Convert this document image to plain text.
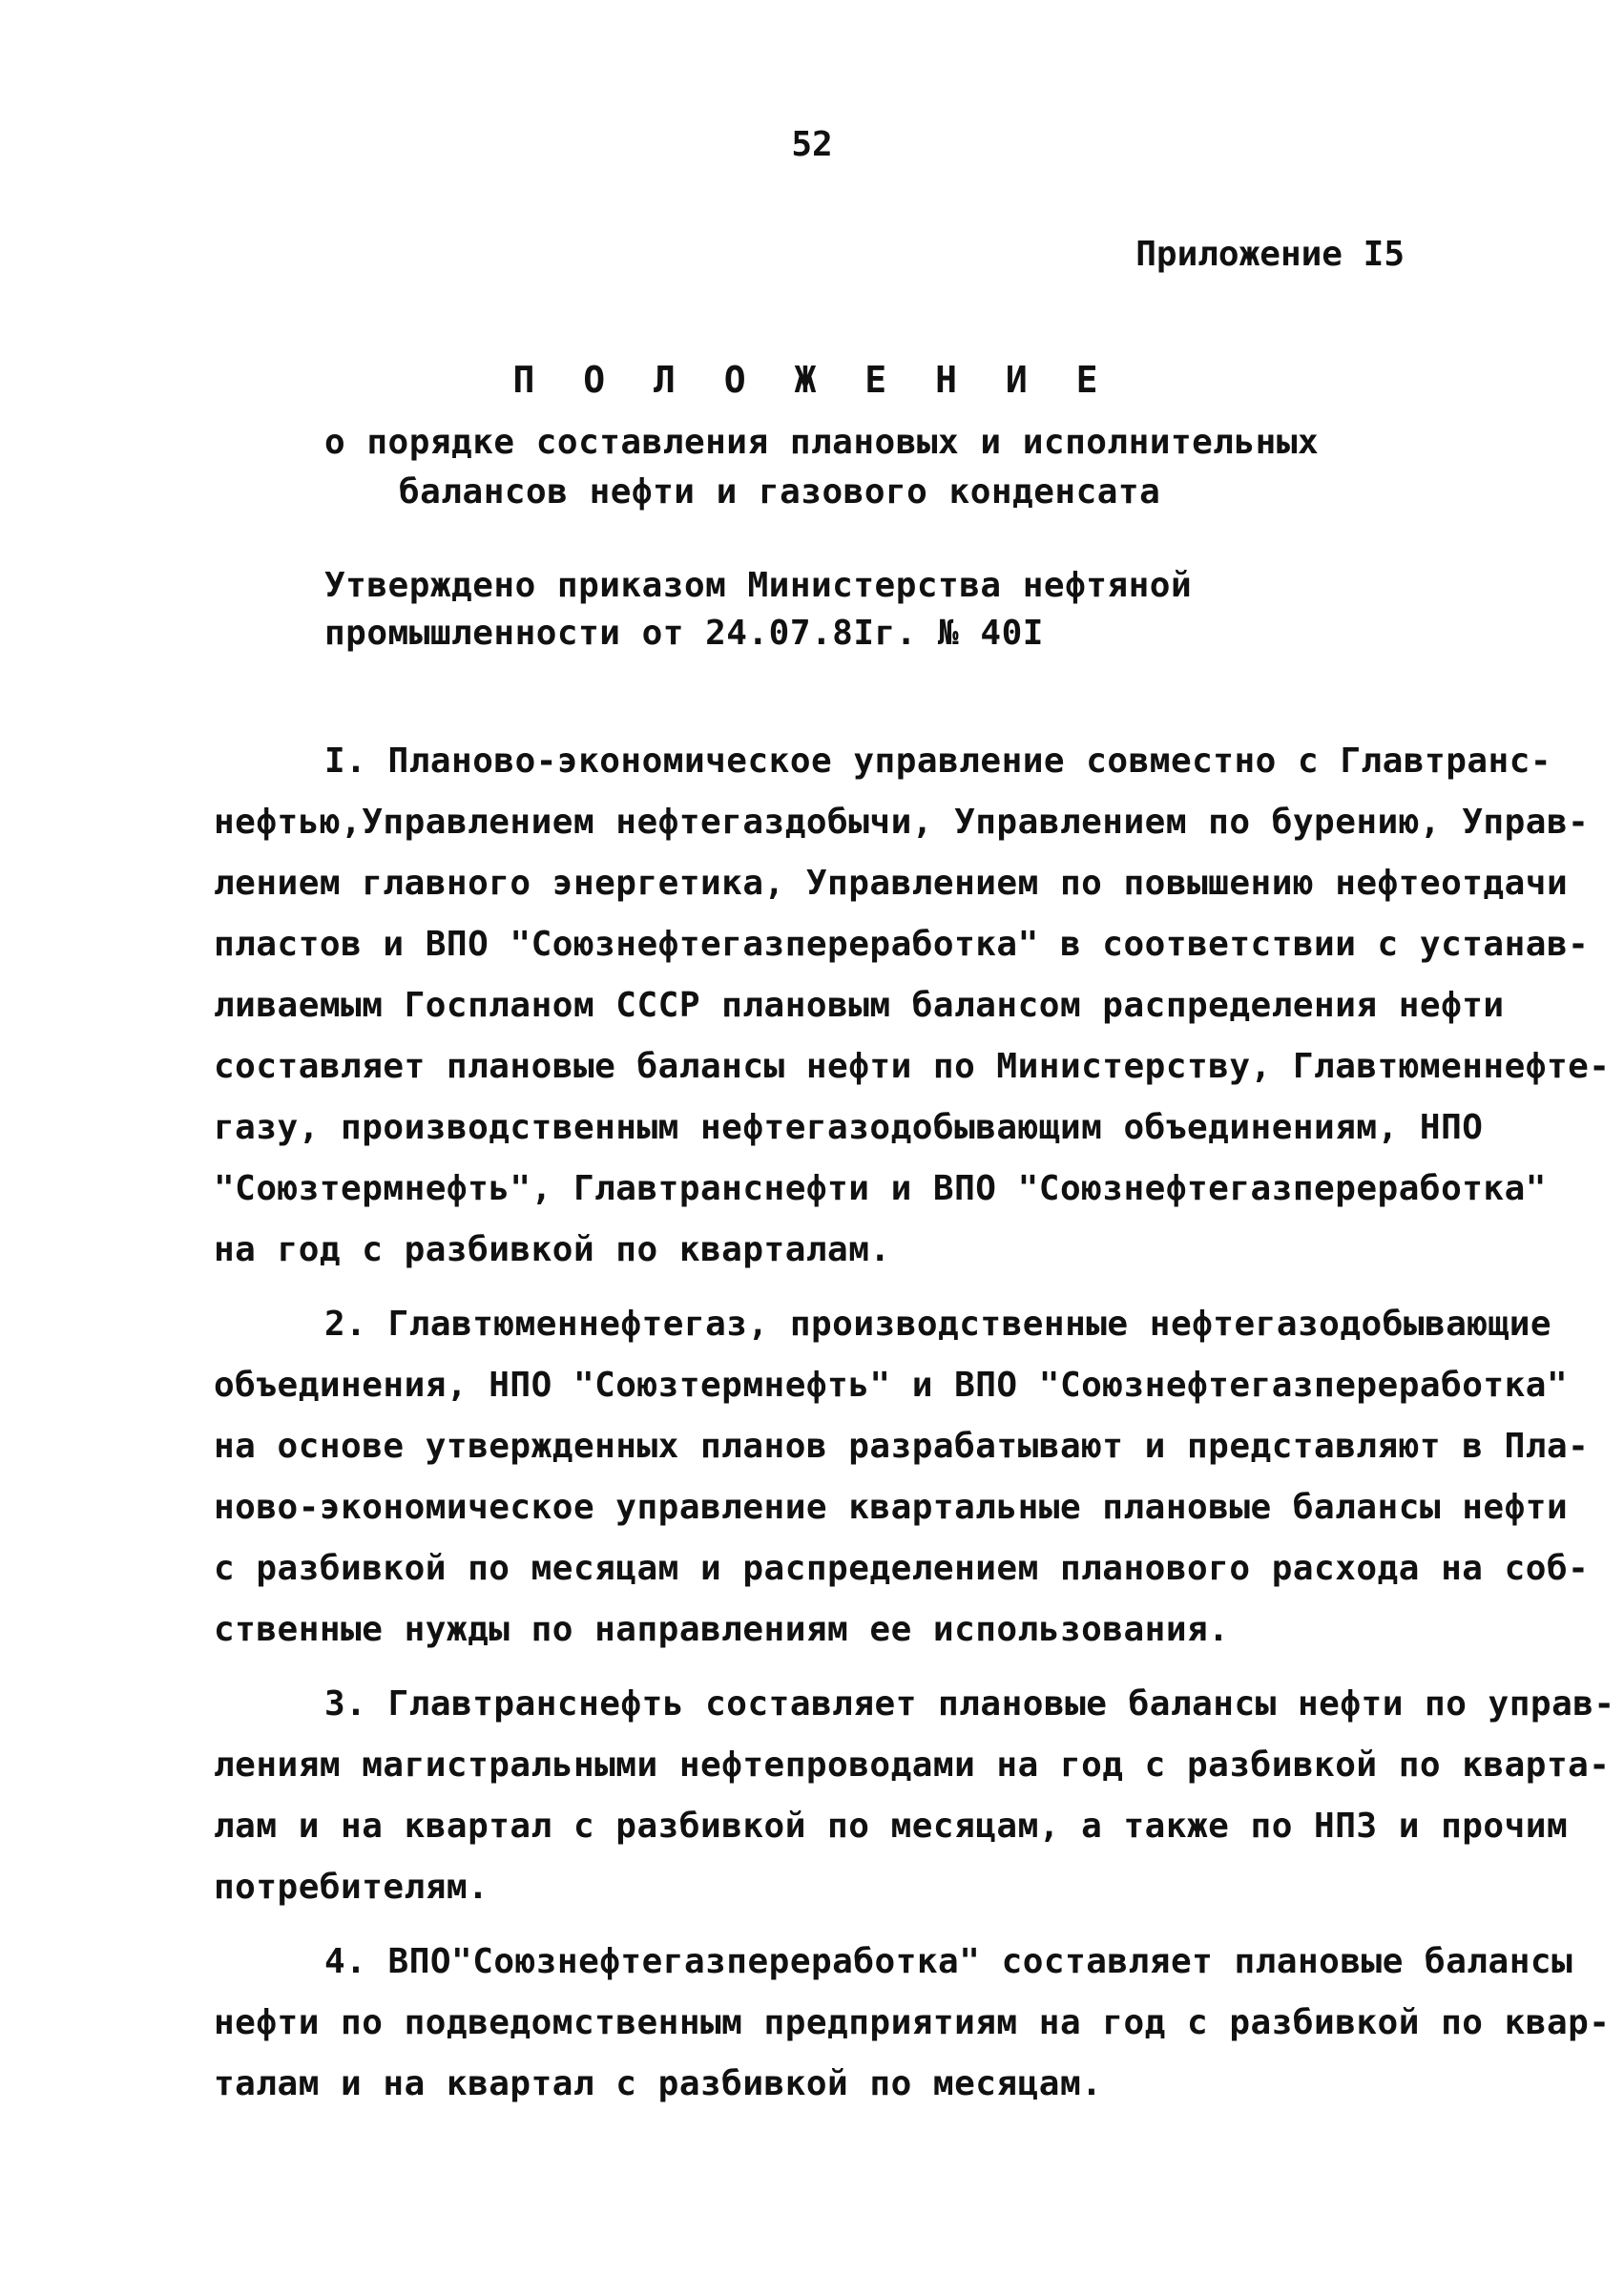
52
Приложение I5
П О Л О Ж Е Н И Е
о порядке составления плановых и исполнительных
балансов нефти и газового конденсата
Утверждено приказом Министерства нефтяной
промышленности от 24.07.8Iг. № 40I
I. Планово-экономическое управление совместно с Главтранс-
нефтью,Управлением нефтегаздобычи, Управлением по бурению, Управ-
лением главного энергетика, Управлением по повышению нефтеотдачи
пластов и ВПО "Союзнефтегазпереработка" в соответствии с устанав-
ливаемым Госпланом СССР плановым балансом распределения нефти
составляет плановые балансы нефти по Министерству, Главтюменнефте-
газу, производственным нефтегазодобывающим объединениям, НПО
"Союзтермнефть", Главтранснефти и ВПО "Союзнефтегазпереработка"
на год с разбивкой по кварталам.
2. Главтюменнефтегаз, производственные нефтегазодобывающие
объединения, НПО "Союзтермнефть" и ВПО "Союзнефтегазпереработка"
на основе утвержденных планов разрабатывают и представляют в Пла-
ново-экономическое управление квартальные плановые балансы нефти
с разбивкой по месяцам и распределением планового расхода на соб-
ственные нужды по направлениям ее использования.
3. Главтранснефть составляет плановые балансы нефти по управ-
лениям магистральными нефтепроводами на год с разбивкой по кварта-
лам и на квартал с разбивкой по месяцам, а также по НПЗ и прочим
потребителям.
4. ВПО"Союзнефтегазпереработка" составляет плановые балансы
нефти по подведомственным предприятиям на год с разбивкой по квар-
талам и на квартал с разбивкой по месяцам.
